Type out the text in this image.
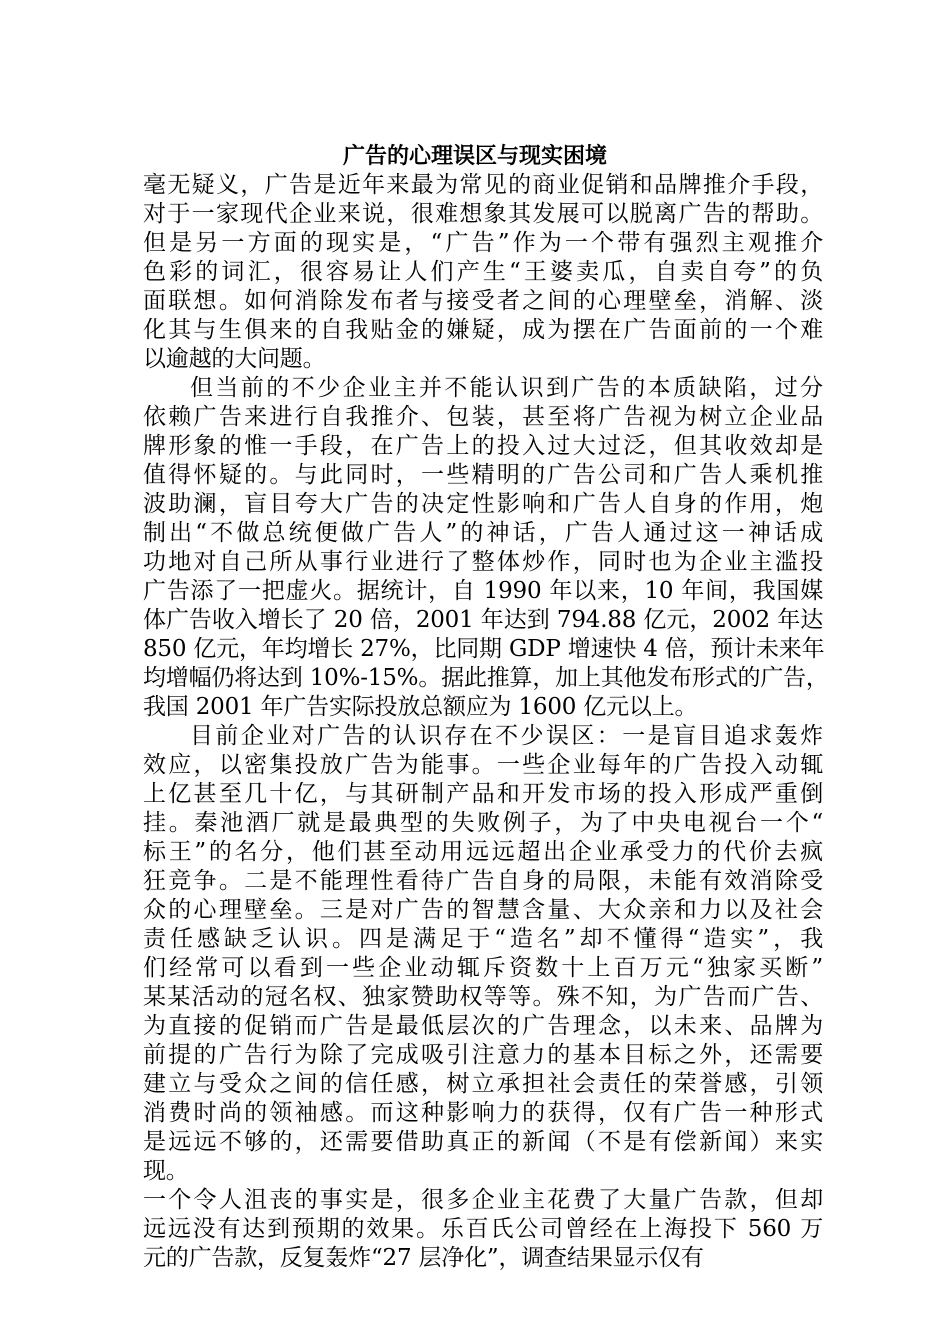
广告的心理误区与现实困境
毫无疑义，广告是近年来最为常见的商业促销和品牌推介手段，
对于一家现代企业来说，很难想象其发展可以脱离广告的帮助。
但是另一方面的现实是，“广告”作为一个带有强烈主观推介
色彩的词汇，很容易让人们产生“王婆卖瓜，自卖自夸”的负
面联想。如何消除发布者与接受者之间的心理壁垒，消解、淡
化其与生俱来的自我贴金的嫌疑，成为摆在广告面前的一个难
以逾越的大问题。
但当前的不少企业主并不能认识到广告的本质缺陷，过分
依赖广告来进行自我推介、包装，甚至将广告视为树立企业品
牌形象的惟一手段，在广告上的投入过大过泛，但其收效却是
值得怀疑的。与此同时，一些精明的广告公司和广告人乘机推
波助澜，盲目夸大广告的决定性影响和广告人自身的作用，炮
制出“不做总统便做广告人”的神话，广告人通过这一神话成
功地对自己所从事行业进行了整体炒作，同时也为企业主滥投
广告添了一把虚火。据统计，自 1990 年以来，10 年间，我国媒
体广告收入增长了 20 倍，2001 年达到 794.88 亿元，2002 年达
850 亿元，年均增长 27%，比同期 GDP 增速快 4 倍，预计未来年
均增幅仍将达到 10%-15%。据此推算，加上其他发布形式的广告，
我国 2001 年广告实际投放总额应为 1600 亿元以上。
目前企业对广告的认识存在不少误区：一是盲目追求轰炸
效应，以密集投放广告为能事。一些企业每年的广告投入动辄
上亿甚至几十亿，与其研制产品和开发市场的投入形成严重倒
挂。秦池酒厂就是最典型的失败例子，为了中央电视台一个“
标王”的名分，他们甚至动用远远超出企业承受力的代价去疯
狂竞争。二是不能理性看待广告自身的局限，未能有效消除受
众的心理壁垒。三是对广告的智慧含量、大众亲和力以及社会
责任感缺乏认识。四是满足于“造名”却不懂得“造实”，我
们经常可以看到一些企业动辄斥资数十上百万元“独家买断”
某某活动的冠名权、独家赞助权等等。殊不知，为广告而广告、
为直接的促销而广告是最低层次的广告理念，以未来、品牌为
前提的广告行为除了完成吸引注意力的基本目标之外，还需要
建立与受众之间的信任感，树立承担社会责任的荣誉感，引领
消费时尚的领袖感。而这种影响力的获得，仅有广告一种形式
是远远不够的，还需要借助真正的新闻（不是有偿新闻）来实
现。
一个令人沮丧的事实是，很多企业主花费了大量广告款，但却
远远没有达到预期的效果。乐百氏公司曾经在上海投下 560 万
元的广告款，反复轰炸“27 层净化”，调查结果显示仅有
